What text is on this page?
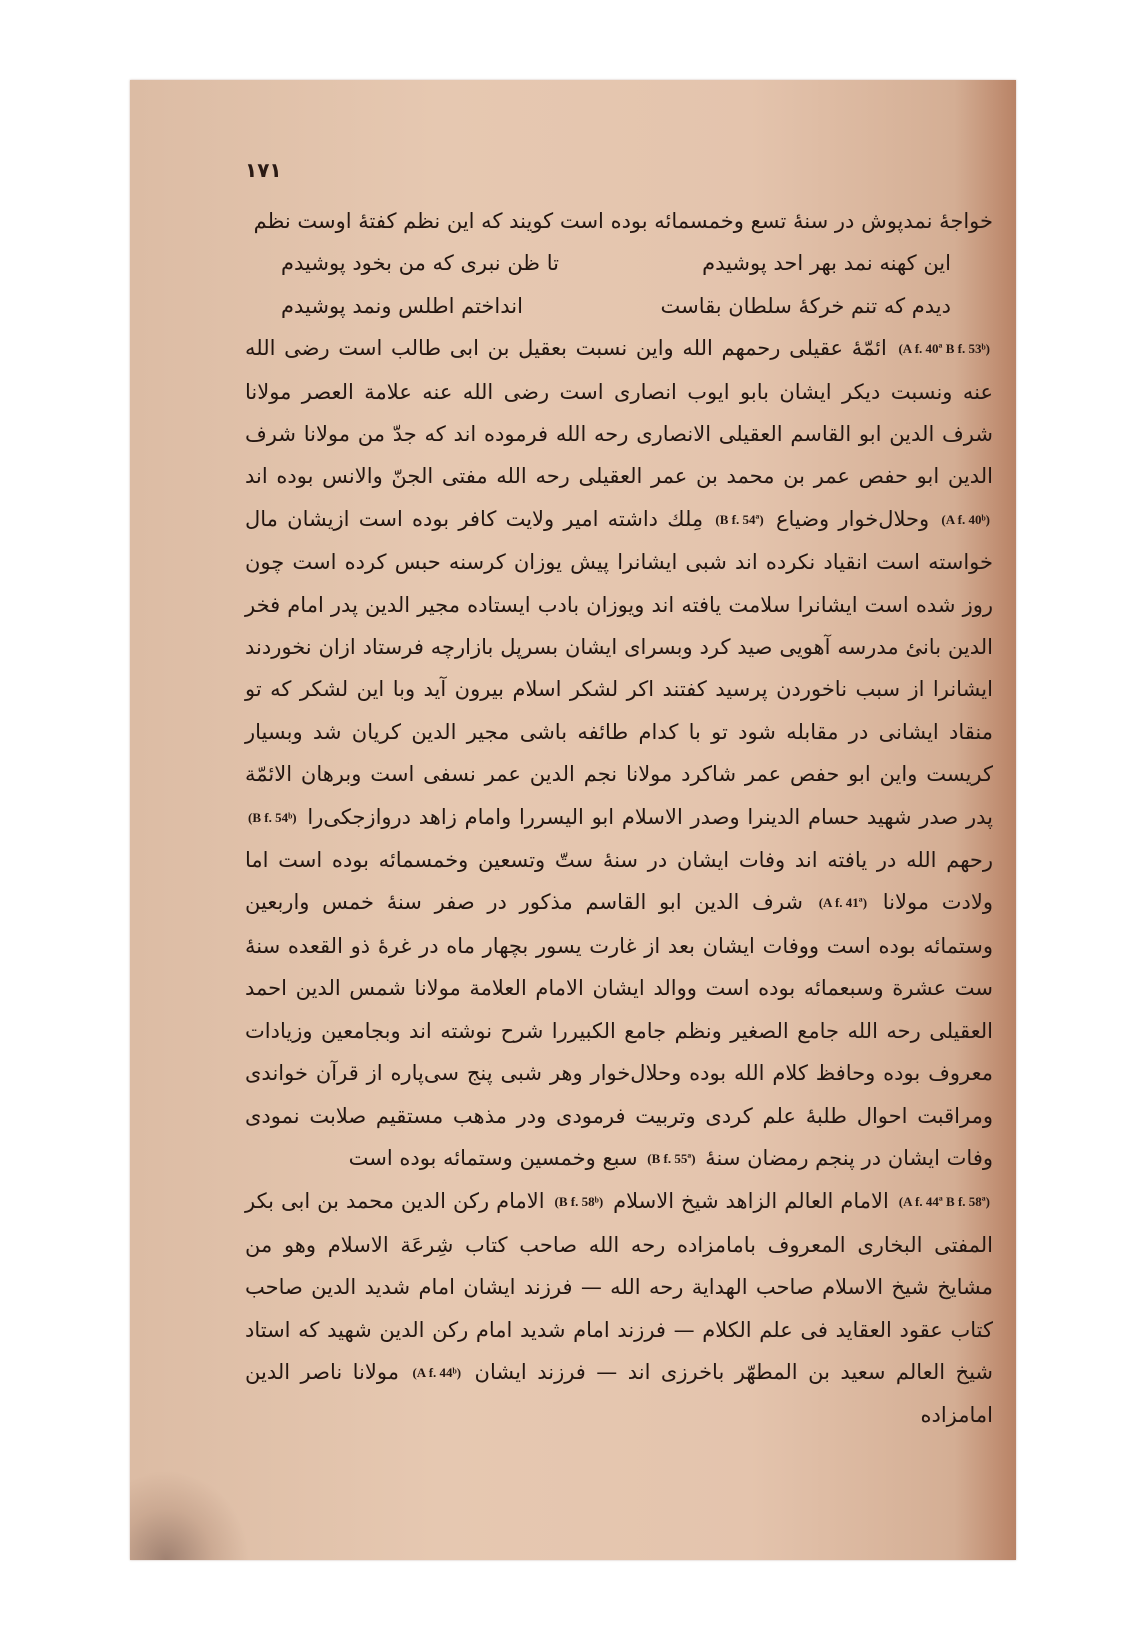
۱۷۱

خواجهٔ نمدپوش در سنهٔ تسع وخمسمائه بوده است کویند که این نظم کفتهٔ اوست نظم

این کهنه نمد بهر احد پوشیدم
تا ظن نبری که من بخود پوشیدم
دیدم که تنم خرکهٔ سلطان بقاست
انداختم اطلس ونمد پوشیدم

(A f. 40ª B f. 53ᵇ) ائمّهٔ عقیلی رحمهم الله واین نسبت بعقیل بن ابی طالب است رضی الله عنه ونسبت دیکر ایشان بابو ایوب انصاری است رضی الله عنه علامة العصر مولانا شرف الدین ابو القاسم العقیلی الانصاری رحه الله فرموده اند که جدّ من مولانا شرف الدین ابو حفص عمر بن محمد بن عمر العقیلی رحه الله مفتی الجنّ والانس بوده اند (A f. 40ᵇ) وحلال‌خوار وضیاع (B f. 54ª) مِلك داشته امیر ولایت کافر بوده است ازیشان مال خواسته است انقیاد نکرده اند شبی ایشانرا پیش یوزان کرسنه حبس کرده است چون روز شده است ایشانرا سلامت یافته اند ویوزان بادب ایستاده مجیر الدین پدر امام فخر الدین بانئ مدرسه آهویی صید کرد وبسرای ایشان بسرپل بازارچه فرستاد ازان نخوردند ایشانرا از سبب ناخوردن پرسید کفتند اکر لشکر اسلام بیرون آید وبا این لشکر که تو منقاد ایشانی در مقابله شود تو با کدام طائفه باشی مجیر الدین کریان شد وبسیار کریست واین ابو حفص عمر شاکرد مولانا نجم الدین عمر نسفی است وبرهان الائمّة پدر صدر شهید حسام الدینرا وصدر الاسلام ابو الیسررا وامام زاهد دروازجکی‌را (B f. 54ᵇ) رحهم الله در یافته اند وفات ایشان در سنهٔ ستّ وتسعین وخمسمائه بوده است اما ولادت مولانا (A f. 41ª) شرف الدین ابو القاسم مذکور در صفر سنهٔ خمس واربعین وستمائه بوده است ووفات ایشان بعد از غارت یسور بچهار ماه در غرهٔ ذو القعده سنهٔ ست عشرة وسبعمائه بوده است ووالد ایشان الامام العلامة مولانا شمس الدین احمد العقیلی رحه الله جامع الصغیر ونظم جامع الکبیررا شرح نوشته اند وبجامعین وزیادات معروف بوده وحافظ کلام الله بوده وحلال‌خوار وهر شبی پنج سی‌پاره از قرآن خواندی ومراقبت احوال طلبهٔ علم کردی وتربیت فرمودی ودر مذهب مستقیم صلابت نمودی وفات ایشان در پنجم رمضان سنهٔ (B f. 55ª) سبع وخمسین وستمائه بوده است

(A f. 44ª B f. 58ª) الامام العالم الزاهد شیخ الاسلام (B f. 58ᵇ) الامام رکن الدین محمد بن ابی بکر المفتی البخاری المعروف بامامزاده رحه الله صاحب کتاب شِرعَة الاسلام وهو من مشایخ شیخ الاسلام صاحب الهدایة رحه الله — فرزند ایشان امام شدید الدین صاحب کتاب عقود العقاید فی علم الکلام — فرزند امام شدید امام رکن الدین شهید که استاد شیخ العالم سعید بن المطهّر باخرزی اند — فرزند ایشان (A f. 44ᵇ) مولانا ناصر الدین امامزاده
